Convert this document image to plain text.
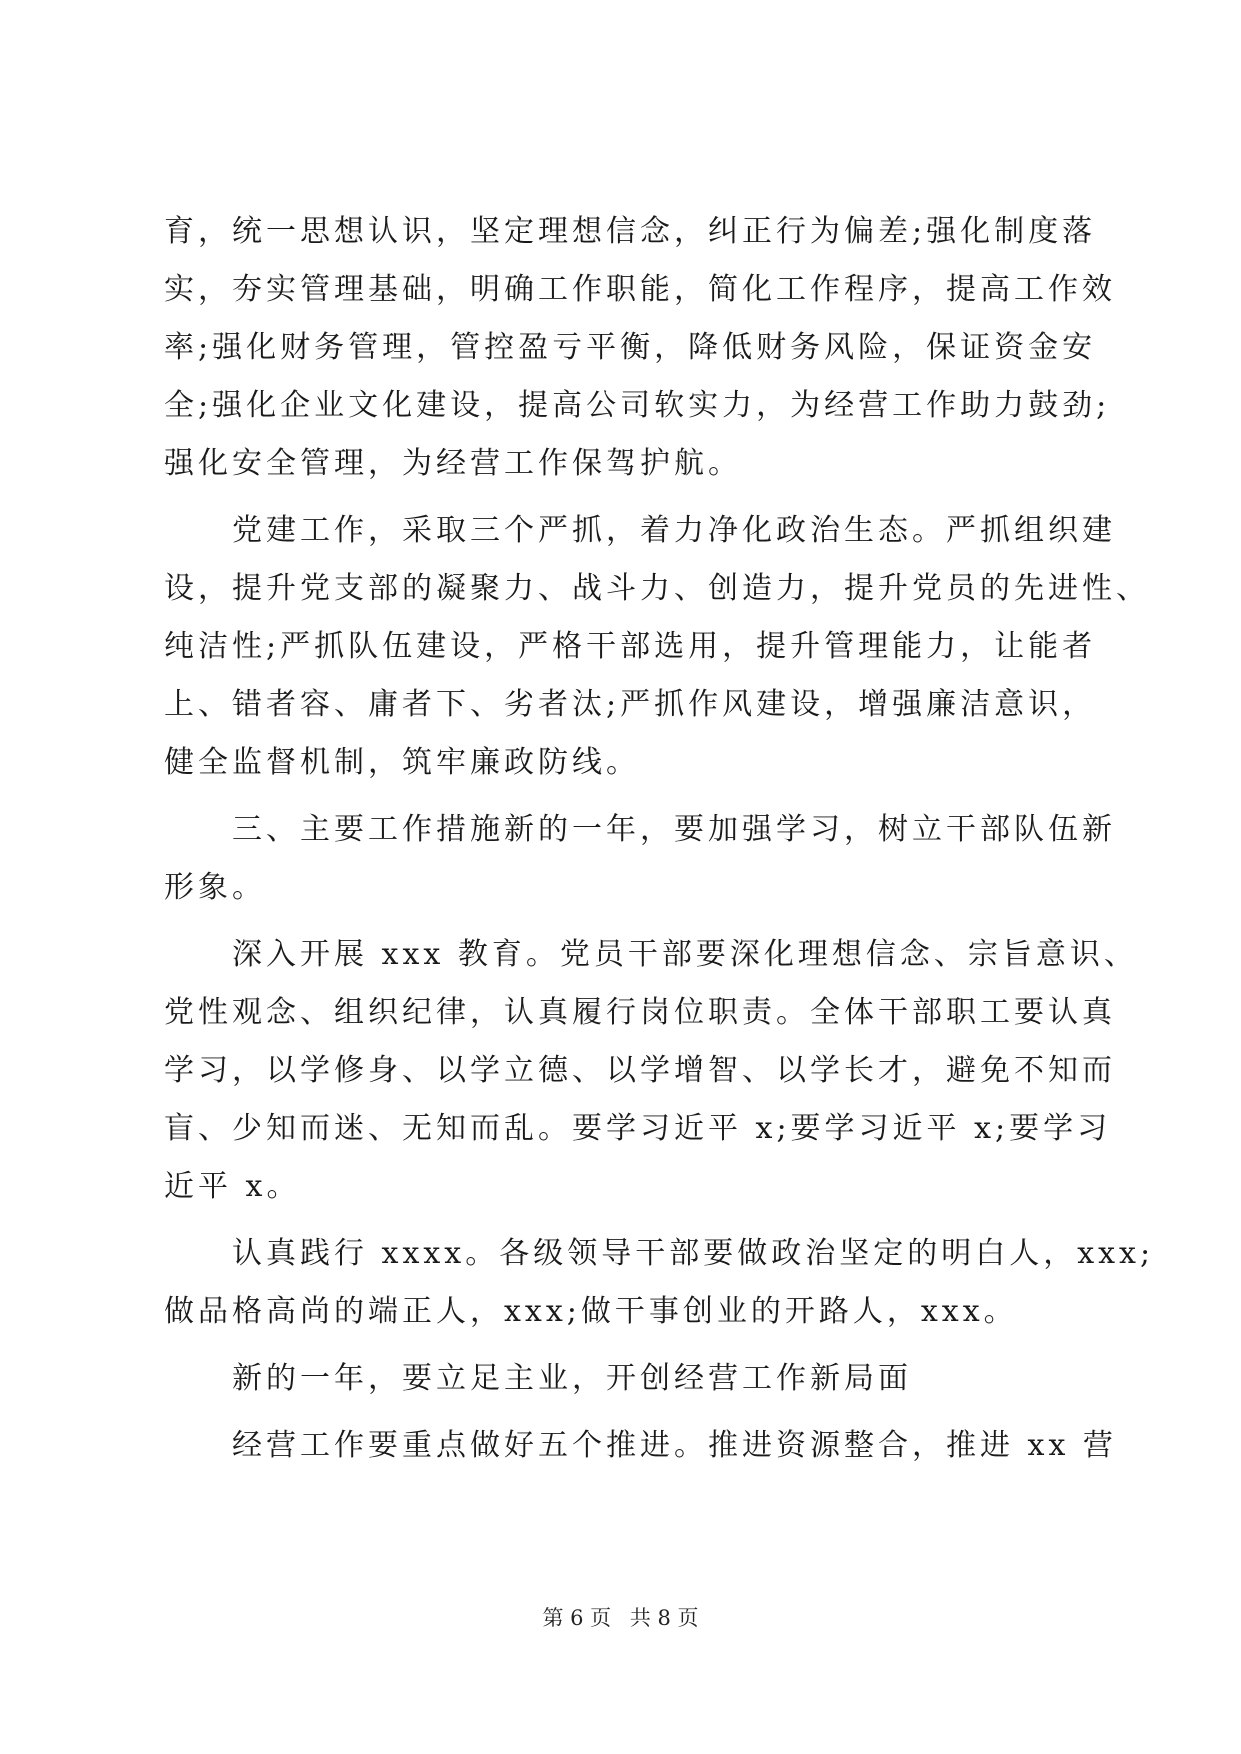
育，统一思想认识，坚定理想信念，纠正行为偏差;强化制度落
实，夯实管理基础，明确工作职能，简化工作程序，提高工作效
率;强化财务管理，管控盈亏平衡，降低财务风险，保证资金安
全;强化企业文化建设，提高公司软实力，为经营工作助力鼓劲;
强化安全管理，为经营工作保驾护航。
党建工作，采取三个严抓，着力净化政治生态。严抓组织建
设，提升党支部的凝聚力、战斗力、创造力，提升党员的先进性、
纯洁性;严抓队伍建设，严格干部选用，提升管理能力，让能者
上、错者容、庸者下、劣者汰;严抓作风建设，增强廉洁意识，
健全监督机制，筑牢廉政防线。
三、主要工作措施新的一年，要加强学习，树立干部队伍新
形象。
深入开展 xxx 教育。党员干部要深化理想信念、宗旨意识、
党性观念、组织纪律，认真履行岗位职责。全体干部职工要认真
学习，以学修身、以学立德、以学增智、以学长才，避免不知而
盲、少知而迷、无知而乱。要学习近平 x;要学习近平 x;要学习
近平 x。
认真践行 xxxx。各级领导干部要做政治坚定的明白人，xxx;
做品格高尚的端正人，xxx;做干事创业的开路人，xxx。
新的一年，要立足主业，开创经营工作新局面
经营工作要重点做好五个推进。推进资源整合，推进 xx 营
第 6 页 共 8 页
